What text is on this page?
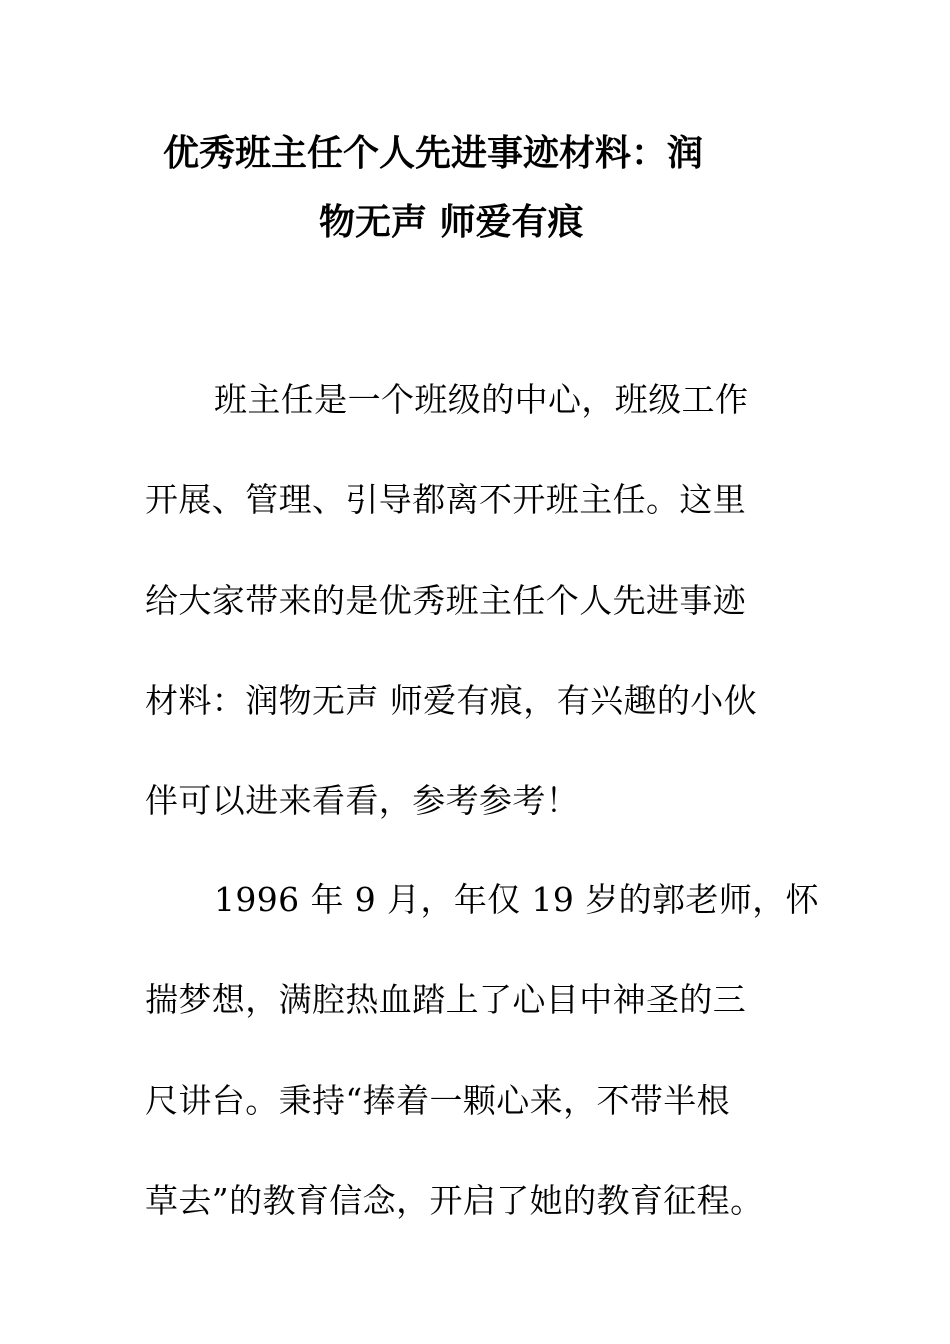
优秀班主任个人先进事迹材料：润
物无声 师爱有痕
班主任是一个班级的中心，班级工作
开展、管理、引导都离不开班主任。这里
给大家带来的是优秀班主任个人先进事迹
材料：润物无声 师爱有痕，有兴趣的小伙
伴可以进来看看，参考参考！
1996 年 9 月，年仅 19 岁的郭老师，怀
揣梦想，满腔热血踏上了心目中神圣的三
尺讲台。秉持“捧着一颗心来，不带半根
草去”的教育信念，开启了她的教育征程。
